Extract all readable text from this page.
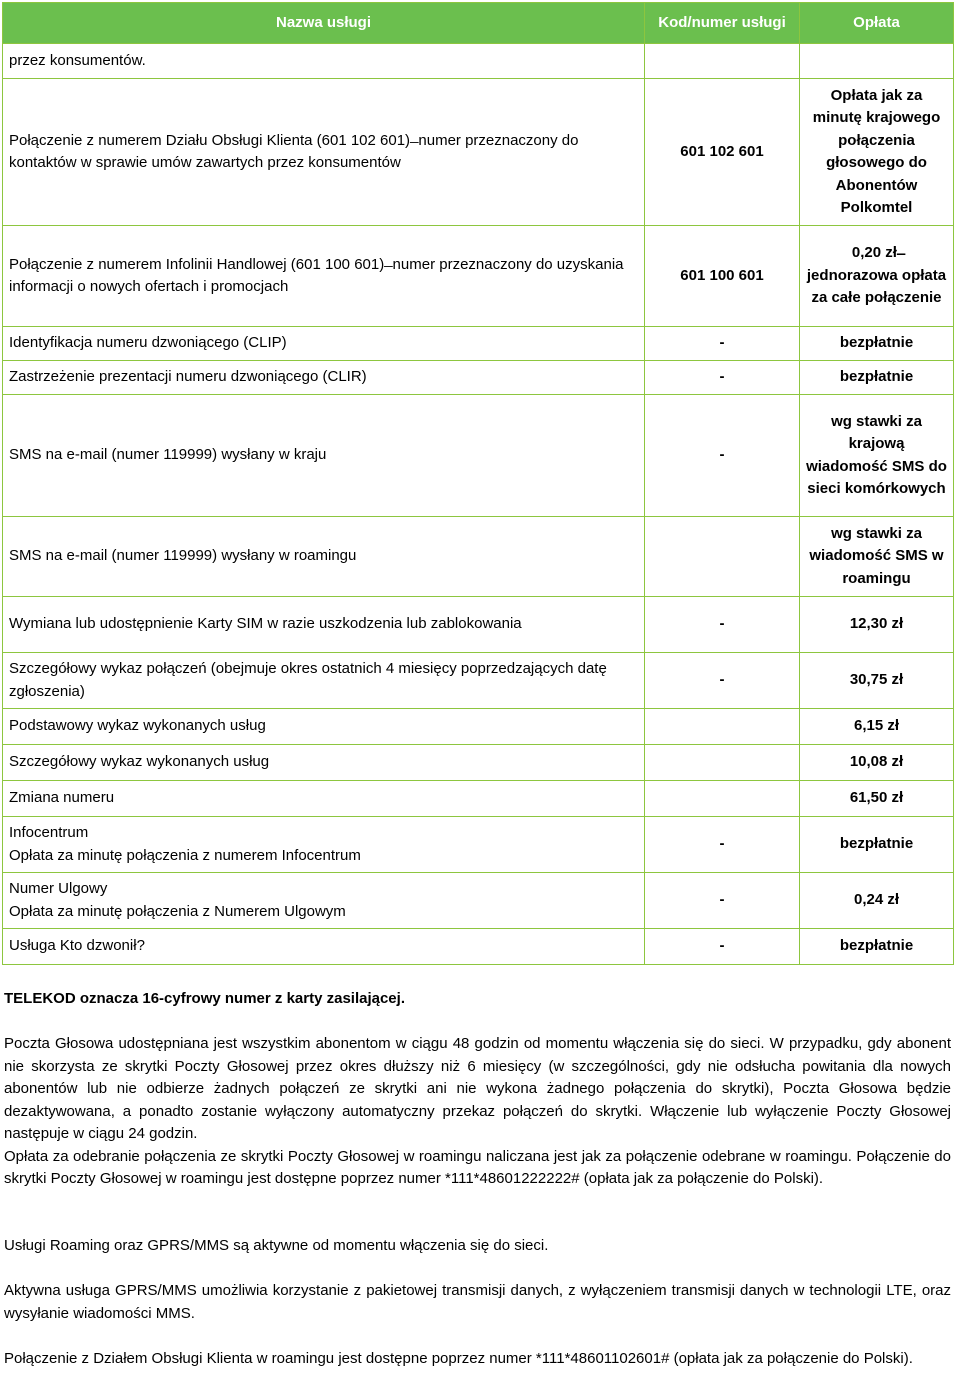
Nazwa usługi	Kod/numer usługi	Opłata
przez konsumentów.		
Połączenie z numerem Działu Obsługi Klienta (601 102 601) ̶ numer przeznaczony do kontaktów w sprawie umów zawartych przez konsumentów	601 102 601	Opłata jak za minutę krajowego połączenia głosowego do Abonentów Polkomtel
Połączenie z numerem Infolinii Handlowej (601 100 601) ̶ numer przeznaczony do uzyskania informacji o nowych ofertach i promocjach	601 100 601	0,20 zł ̶ jednorazowa opłata za całe połączenie
Identyfikacja numeru dzwoniącego (CLIP)	-	bezpłatnie
Zastrzeżenie prezentacji numeru dzwoniącego (CLIR)	-	bezpłatnie
SMS na e-mail (numer 119999) wysłany w kraju	-	wg stawki za krajową wiadomość SMS do sieci komórkowych
SMS na e-mail (numer 119999) wysłany w roamingu		wg stawki za wiadomość SMS w roamingu
Wymiana lub udostępnienie Karty SIM w razie uszkodzenia lub zablokowania	-	12,30 zł
Szczegółowy wykaz połączeń (obejmuje okres ostatnich 4 miesięcy poprzedzających datę zgłoszenia)	-	30,75 zł
Podstawowy wykaz wykonanych usług		6,15 zł
Szczegółowy wykaz wykonanych usług		10,08 zł
Zmiana numeru		61,50 zł

Infocentrum
Opłata za minutę połączenia z numerem Infocentrum	-	bezpłatnie

Numer Ulgowy
Opłata za minutę połączenia z Numerem Ulgowym	-	0,24 zł
Usługa Kto dzwonił?	-	bezpłatnie

TELEKOD oznacza 16-cyfrowy numer z karty zasilającej.

Poczta Głosowa udostępniana jest wszystkim abonentom w ciągu 48 godzin od momentu włączenia się do sieci. W przypadku, gdy abonent nie skorzysta ze skrytki Poczty Głosowej przez okres dłuższy niż 6 miesięcy (w szczególności, gdy nie odsłucha powitania dla nowych abonentów lub nie odbierze żadnych połączeń ze skrytki ani nie wykona żadnego połączenia do skrytki), Poczta Głosowa będzie dezaktywowana, a ponadto zostanie wyłączony automatyczny przekaz połączeń do skrytki. Włączenie lub wyłączenie Poczty Głosowej następuje w ciągu 24 godzin.

Opłata za odebranie połączenia ze skrytki Poczty Głosowej w roamingu naliczana jest jak za połączenie odebrane w roamingu. Połączenie do skrytki Poczty Głosowej w roamingu jest dostępne poprzez numer *111*48601222222# (opłata jak za połączenie do Polski).

Usługi Roaming oraz GPRS/MMS są aktywne od momentu włączenia się do sieci.

Aktywna usługa GPRS/MMS umożliwia korzystanie z pakietowej transmisji danych, z wyłączeniem transmisji danych w technologii LTE, oraz wysyłanie wiadomości MMS.

Połączenie z Działem Obsługi Klienta w roamingu jest dostępne poprzez numer *111*48601102601# (opłata jak za połączenie do Polski).
